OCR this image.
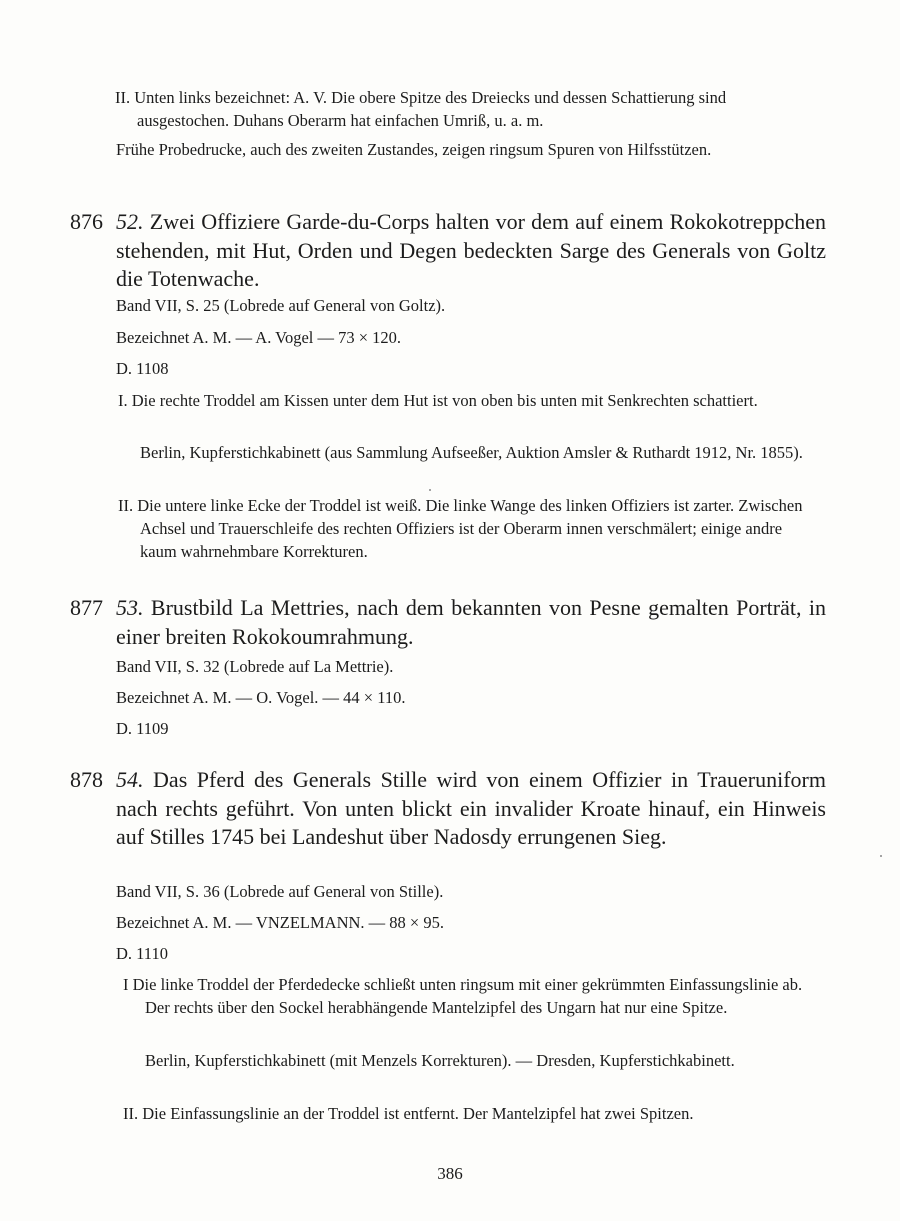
II. Unten links bezeichnet: A. V. Die obere Spitze des Dreiecks und dessen Schattierung sind ausgestochen. Duhans Oberarm hat einfachen Umriß, u. a. m.

Frühe Probedrucke, auch des zweiten Zustandes, zeigen ringsum Spuren von Hilfsstützen.

876 52. Zwei Offiziere Garde-du-Corps halten vor dem auf einem Rokokotreppchen stehenden, mit Hut, Orden und Degen bedeckten Sarge des Generals von Goltz die Totenwache.

Band VII, S. 25 (Lobrede auf General von Goltz).

Bezeichnet A. M. — A. Vogel — 73 × 120.

D. 1108

I. Die rechte Troddel am Kissen unter dem Hut ist von oben bis unten mit Senkrechten schattiert.

Berlin, Kupferstichkabinett (aus Sammlung Aufseeßer, Auktion Amsler & Ruthardt 1912, Nr. 1855).

II. Die untere linke Ecke der Troddel ist weiß. Die linke Wange des linken Offiziers ist zarter. Zwischen Achsel und Trauerschleife des rechten Offiziers ist der Oberarm innen verschmälert; einige andre kaum wahrnehmbare Korrekturen.

877 53. Brustbild La Mettries, nach dem bekannten von Pesne gemalten Porträt, in einer breiten Rokokoumrahmung.

Band VII, S. 32 (Lobrede auf La Mettrie).

Bezeichnet A. M. — O. Vogel. — 44 × 110.

D. 1109

878 54. Das Pferd des Generals Stille wird von einem Offizier in Traueruniform nach rechts geführt. Von unten blickt ein invalider Kroate hinauf, ein Hinweis auf Stilles 1745 bei Landeshut über Nadosdy errungenen Sieg.

Band VII, S. 36 (Lobrede auf General von Stille).

Bezeichnet A. M. — VNZELMANN. — 88 × 95.

D. 1110

I Die linke Troddel der Pferdedecke schließt unten ringsum mit einer gekrümmten Einfassungslinie ab. Der rechts über den Sockel herabhängende Mantelzipfel des Ungarn hat nur eine Spitze.

Berlin, Kupferstichkabinett (mit Menzels Korrekturen). — Dresden, Kupferstichkabinett.

II. Die Einfassungslinie an der Troddel ist entfernt. Der Mantelzipfel hat zwei Spitzen.

386
